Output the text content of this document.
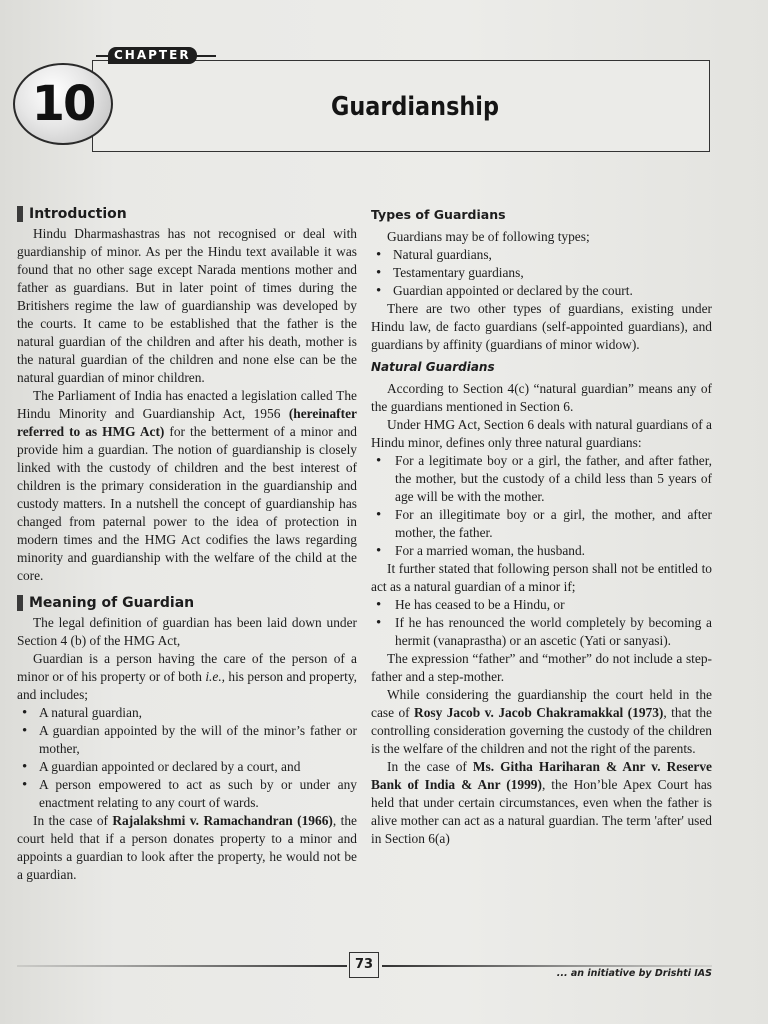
CHAPTER
10	Guardianship
Introduction

Hindu Dharmashastras has not recognised or deal with guardianship of minor. As per the Hindu text available it was found that no other sage except Narada mentions mother and father as guardians. But in later point of times during the Britishers regime the law of guardianship was developed by the courts. It came to be established that the father is the natural guardian of the children and after his death, mother is the natural guardian of the children and none else can be the natural guardian of minor children.

The Parliament of India has enacted a legislation called The Hindu Minority and Guardianship Act, 1956 (hereinafter referred to as HMG Act) for the betterment of a minor and provide him a guardian. The notion of guardianship is closely linked with the custody of children and the best interest of children is the primary consideration in the guardianship and custody matters. In a nutshell the concept of guardianship has changed from paternal power to the idea of protection in modern times and the HMG Act codifies the laws regarding minority and guardianship with the welfare of the child at the core.

Meaning of Guardian

The legal definition of guardian has been laid down under Section 4 (b) of the HMG Act,

Guardian is a person having the care of the person of a minor or of his property or of both i.e., his person and property, and includes;

• A natural guardian,
• A guardian appointed by the will of the minor’s father or mother,
• A guardian appointed or declared by a court, and
• A person empowered to act as such by or under any enactment relating to any court of wards.

In the case of Rajalakshmi v. Ramachandran (1966), the court held that if a person donates property to a minor and appoints a guardian to look after the property, he would not be a guardian.

Types of Guardians

Guardians may be of following types;

• Natural guardians,
• Testamentary guardians,
• Guardian appointed or declared by the court.

There are two other types of guardians, existing under Hindu law, de facto guardians (self-appointed guardians), and guardians by affinity (guardians of minor widow).

Natural Guardians

According to Section 4(c) “natural guardian” means any of the guardians mentioned in Section 6.

Under HMG Act, Section 6 deals with natural guardians of a Hindu minor, defines only three natural guardians:

• For a legitimate boy or a girl, the father, and after father, the mother, but the custody of a child less than 5 years of age will be with the mother.
• For an illegitimate boy or a girl, the mother, and after mother, the father.
• For a married woman, the husband.

It further stated that following person shall not be entitled to act as a natural guardian of a minor if;

• He has ceased to be a Hindu, or
• If he has renounced the world completely by becoming a hermit (vanaprastha) or an ascetic (Yati or sanyasi).

The expression “father” and “mother” do not include a step-father and a step-mother.

While considering the guardianship the court held in the case of Rosy Jacob v. Jacob Chakramakkal (1973), that the controlling consideration governing the custody of the children is the welfare of the children and not the right of the parents.

In the case of Ms. Githa Hariharan & Anr v. Reserve Bank of India & Anr (1999), the Hon’ble Apex Court has held that under certain circumstances, even when the father is alive mother can act as a natural guardian. The term 'after' used in Section 6(a)

73
... an initiative by Drishti IAS
